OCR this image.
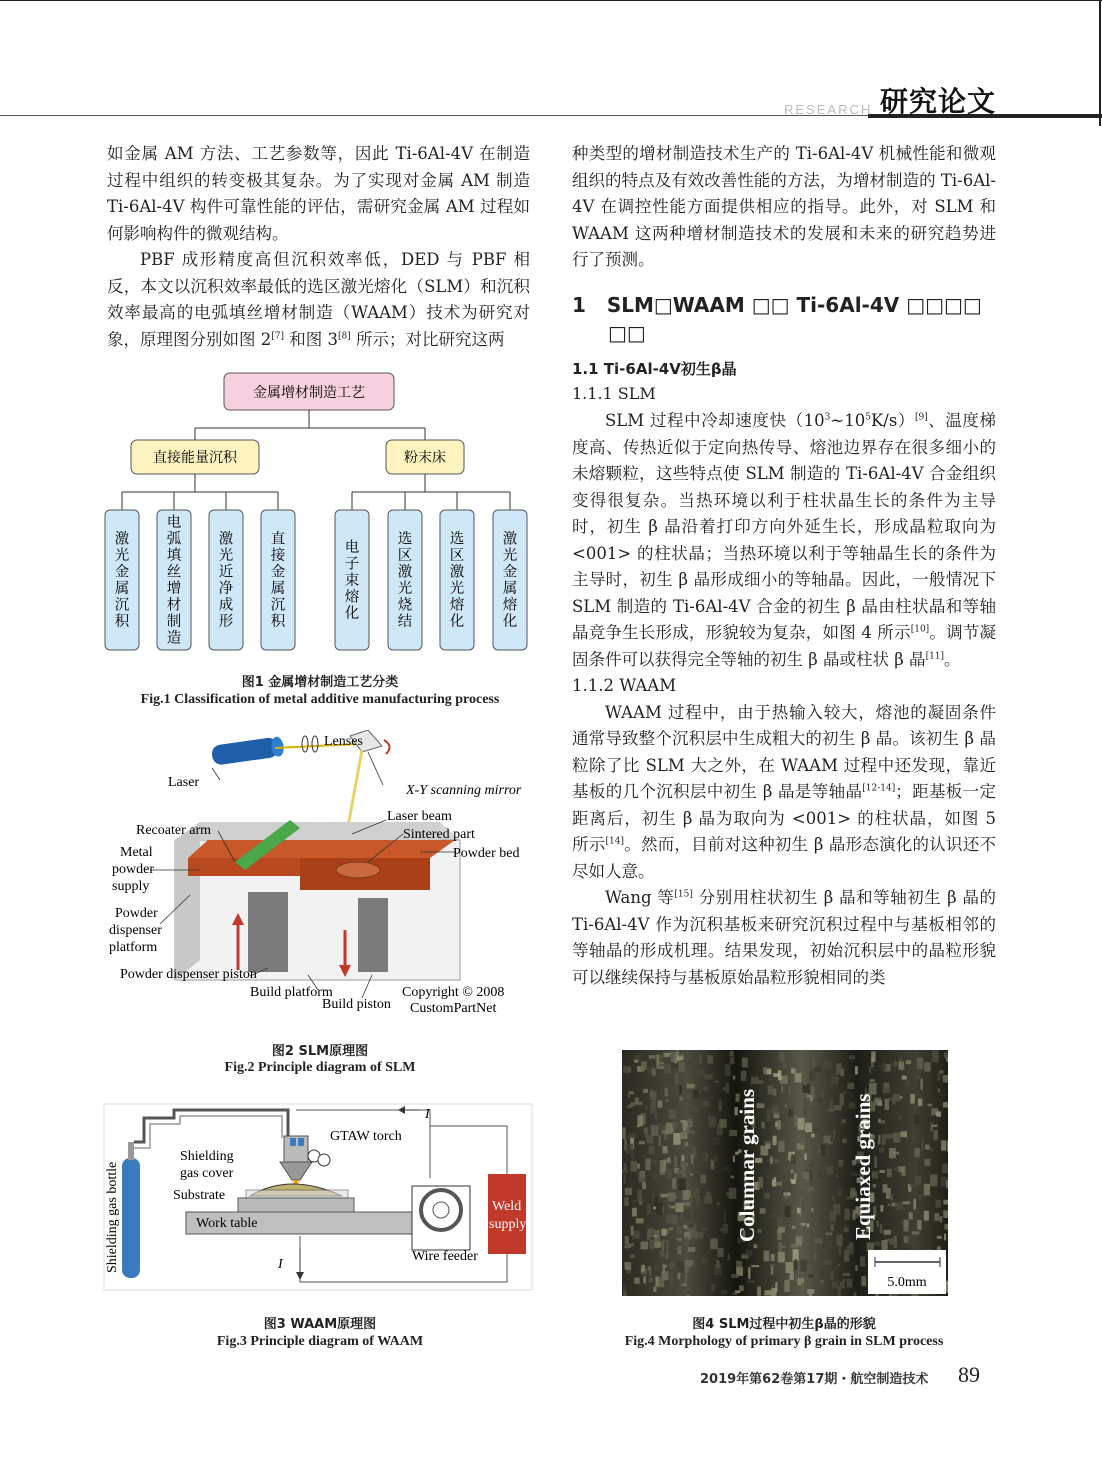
RESEARCH 研究论文

如金属 AM 方法、工艺参数等，因此 Ti-6Al-4V 在制造过程中组织的转变极其复杂。为了实现对金属 AM 制造 Ti-6Al-4V 构件可靠性能的评估，需研究金属 AM 过程如何影响构件的微观结构。

PBF 成形精度高但沉积效率低，DED 与 PBF 相反，本文以沉积效率最低的选区激光熔化（SLM）和沉积效率最高的电弧填丝增材制造（WAAM）技术为研究对象，原理图分别如图 2[7] 和图 3[8] 所示；对比研究这两

金属增材制造工艺
直接能量沉积	粉末床
激
光
金
属
沉
积
电
弧
填
丝
增
材
制
造
激
光
近
净
成
形
直
接
金
属
沉
积
电
子
束
熔
化
选
区
激
光
烧
结
选
区
激
光
熔
化
激
光
金
属
熔
化
图1 金属增材制造工艺分类
Fig.1 Classification of metal additive manufacturing process
Lenses
Laser
X-Y scanning mirror
Laser beam
Sintered part
Powder bed
Recoater arm
Metal
powder
supply
Powder
dispenser
platform
Powder dispenser piston
Build platform
Build piston
Copyright © 2008
CustomPartNet
图2 SLM原理图
Fig.2 Principle diagram of SLM
I
GTAW torch
Shielding
gas cover
Substrate
Work table
Shielding gas bottle	Weld
supply
Wire feeder
I
图3 WAAM原理图
Fig.3 Principle diagram of WAAM

种类型的增材制造技术生产的 Ti-6Al-4V 机械性能和微观组织的特点及有效改善性能的方法，为增材制造的 Ti-6Al-4V 在调控性能方面提供相应的指导。此外，对 SLM 和 WAAM 这两种增材制造技术的发展和未来的研究趋势进行了预测。

1 SLM□WAAM □□ Ti-6Al-4V □□□□
□□
1.1 Ti-6Al-4V初生β晶
1.1.1 SLM

SLM 过程中冷却速度快$(10^3\sim 10^5K/s)[9]$、温度梯度高、传热近似于定向热传导、熔池边界存在很多细小的未熔颗粒，这些特点使 SLM 制造的 Ti-6Al-4V 合金组织变得很复杂。当热环境以利于柱状晶生长的条件为主导时，初生 β 晶沿着打印方向外延生长，形成晶粒取向为 <001> 的柱状晶；当热环境以利于等轴晶生长的条件为主导时，初生 β 晶形成细小的等轴晶。因此，一般情况下 SLM 制造的 Ti-6Al-4V 合金的初生 β 晶由柱状晶和等轴晶竞争生长形成，形貌较为复杂，如图 4 所示[10]。调节凝固条件可以获得完全等轴的初生 β 晶或柱状 β 晶[11]。

1.1.2 WAAM

WAAM 过程中，由于热输入较大，熔池的凝固条件通常导致整个沉积层中生成粗大的初生 β 晶。该初生 β 晶粒除了比 SLM 大之外，在 WAAM 过程中还发现，靠近基板的几个沉积层中初生 β 晶是等轴晶[12-14]；距基板一定距离后，初生 β 晶为取向为 <001> 的柱状晶，如图 5 所示[14]。然而，目前对这种初生 β 晶形态演化的认识还不尽如人意。

Wang 等[15] 分别用柱状初生 β 晶和等轴初生 β 晶的 Ti-6Al-4V 作为沉积基板来研究沉积过程中与基板相邻的等轴晶的形成机理。结果发现，初始沉积层中的晶粒形貌可以继续保持与基板原始晶粒形貌相同的类

Columnar grains	Equiaxed grains
5.0mm
图4 SLM过程中初生β晶的形貌
Fig.4 Morphology of primary β grain in SLM process
2019年第62卷第17期・航空制造技术 89
